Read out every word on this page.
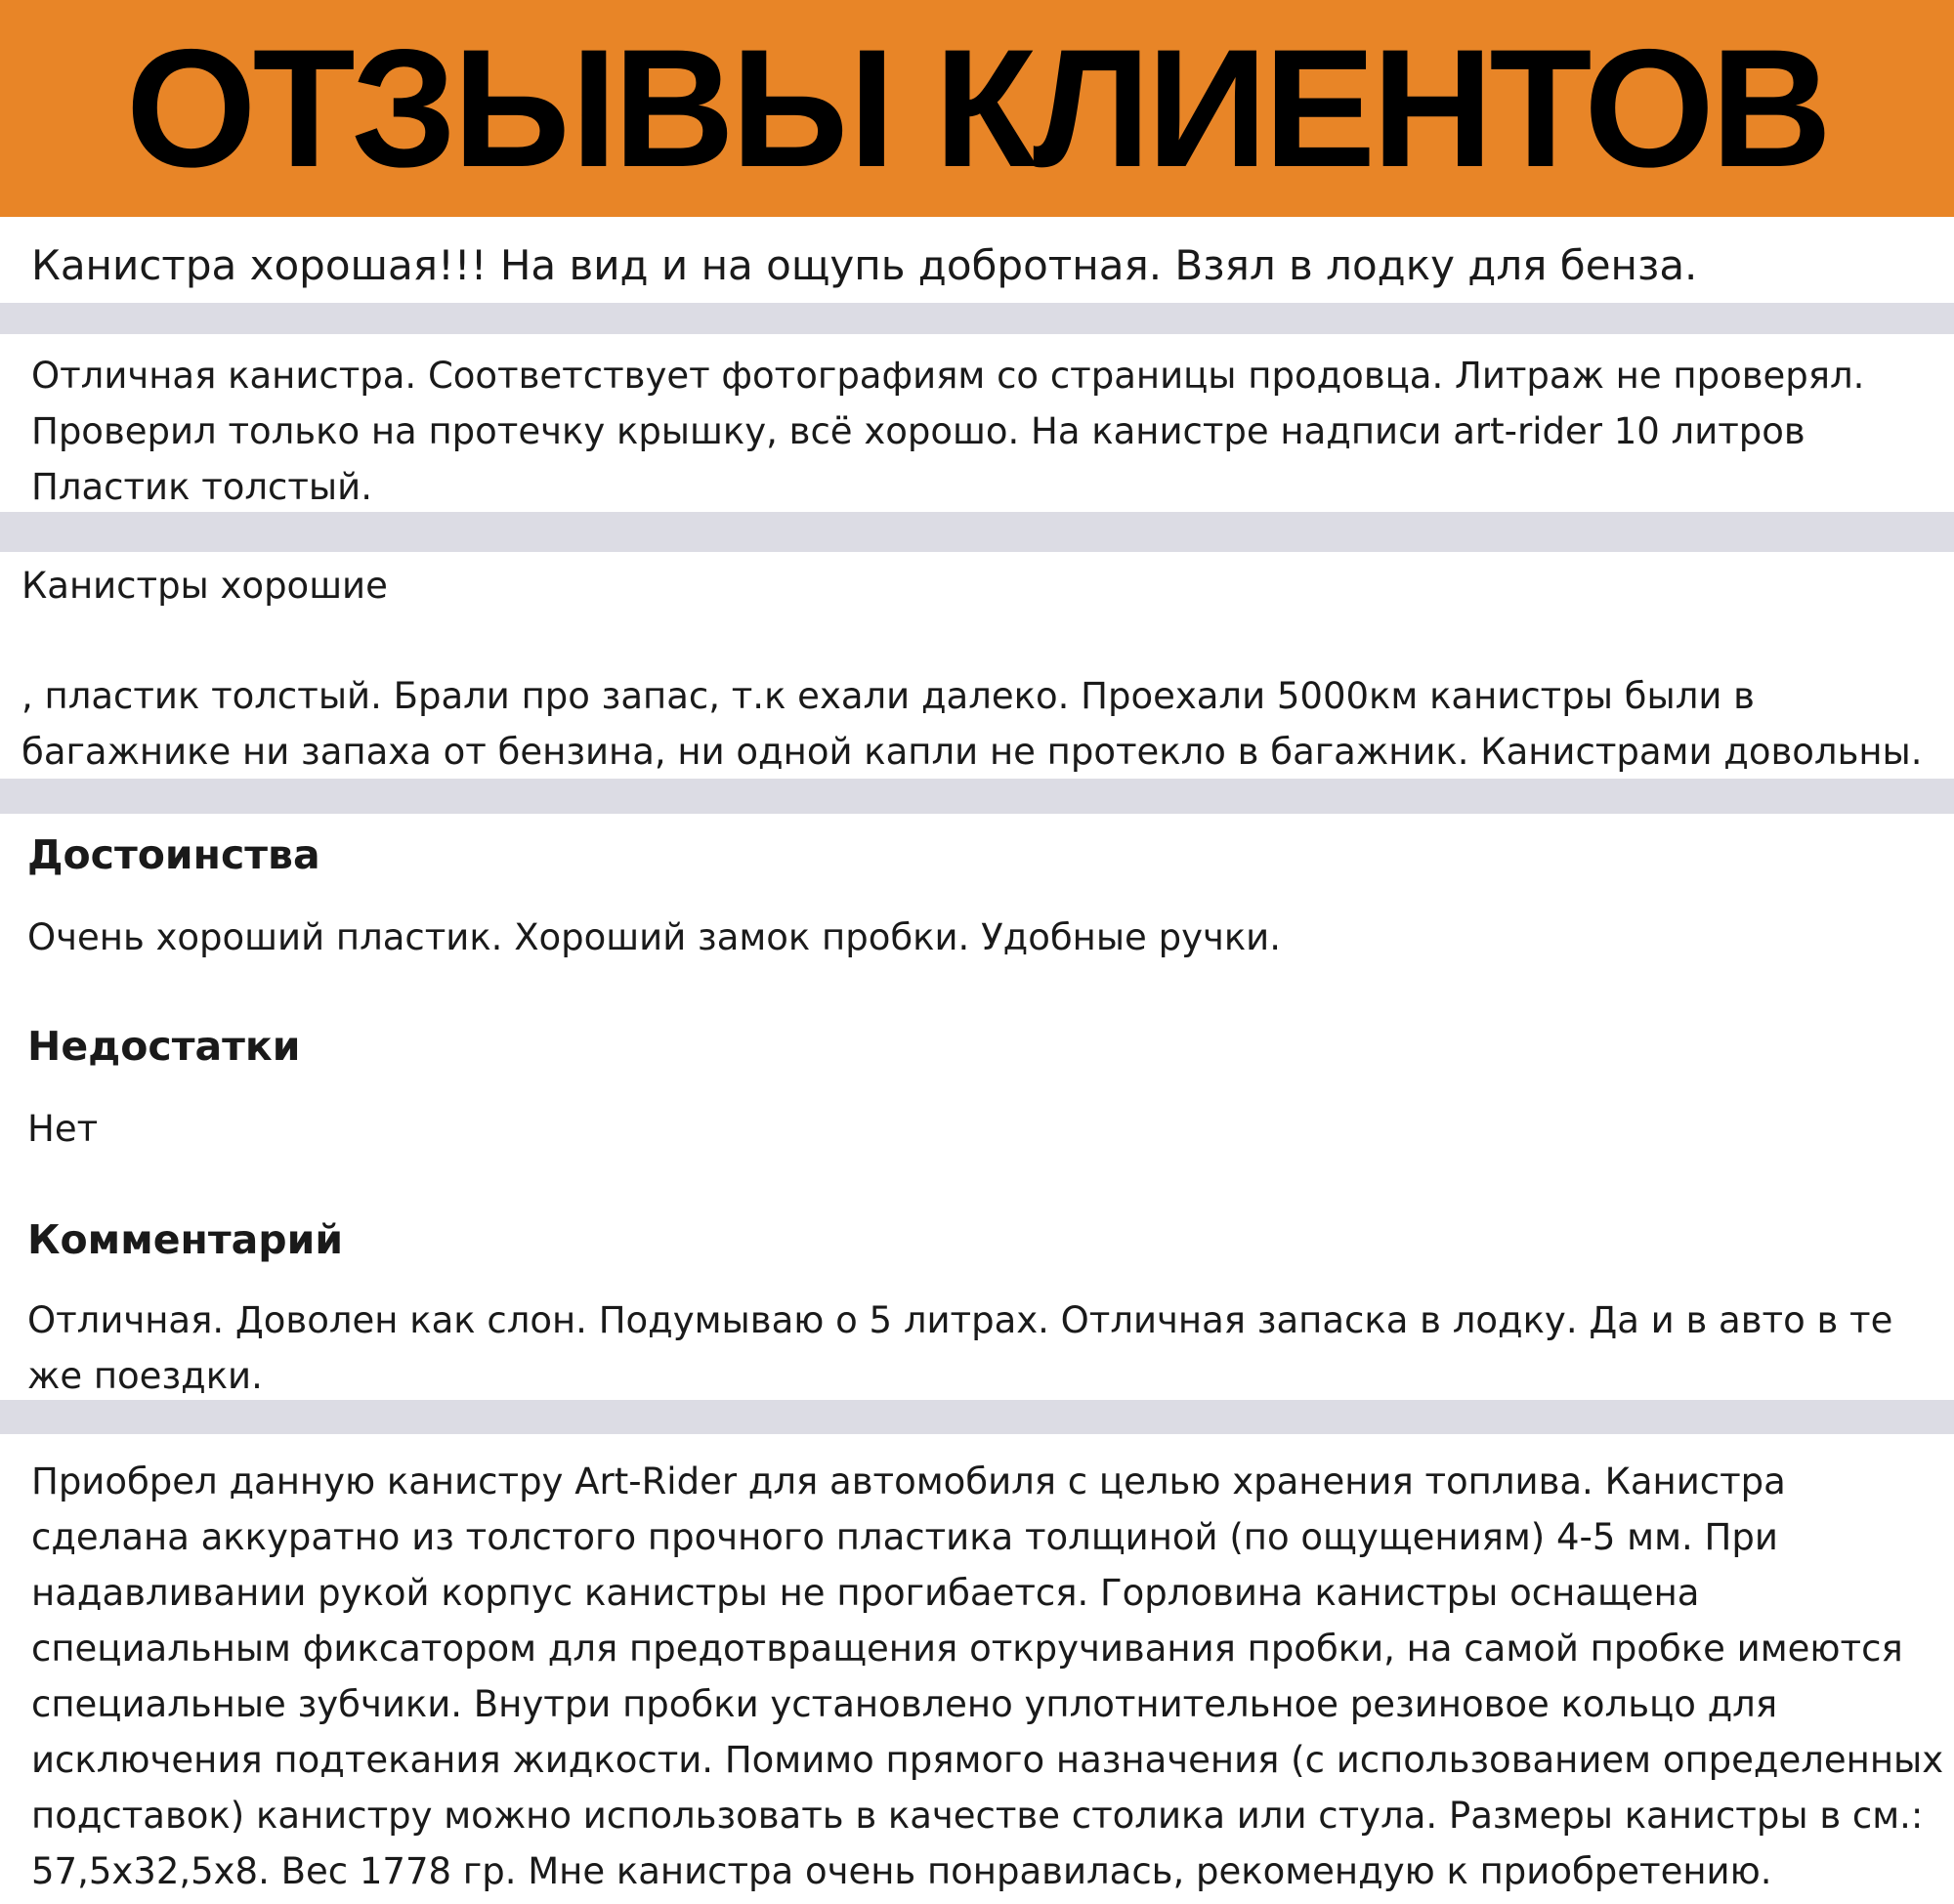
ОТЗЫВЫ КЛИЕНТОВ

Канистра хорошая!!! На вид и на ощупь добротная. Взял в лодку для бенза.

Отличная канистра. Соответствует фотографиям со страницы продовца. Литраж не проверял.
Проверил только на протечку крышку, всё хорошо. На канистре надписи art-rider 10 литров
Пластик толстый.

Канистры хорошие

, пластик толстый. Брали про запас, т.к ехали далеко. Проехали 5000км канистры были в
багажнике ни запаха от бензина, ни одной капли не протекло в багажник. Канистрами довольны.

Достоинства

Очень хороший пластик. Хороший замок пробки. Удобные ручки.

Недостатки

Нет

Комментарий

Отличная. Доволен как слон. Подумываю о 5 литрах. Отличная запаска в лодку. Да и в авто в те
же поездки.

Приобрел данную канистру Art-Rider для автомобиля с целью хранения топлива. Канистра
сделана аккуратно из толстого прочного пластика толщиной (по ощущениям) 4-5 мм. При
надавливании рукой корпус канистры не прогибается. Горловина канистры оснащена
специальным фиксатором для предотвращения откручивания пробки, на самой пробке имеются
специальные зубчики. Внутри пробки установлено уплотнительное резиновое кольцо для
исключения подтекания жидкости. Помимо прямого назначения (с использованием определенных
подставок) канистру можно использовать в качестве столика или стула. Размеры канистры в см.:
57,5x32,5x8. Вес 1778 гр. Мне канистра очень понравилась, рекомендую к приобретению.
